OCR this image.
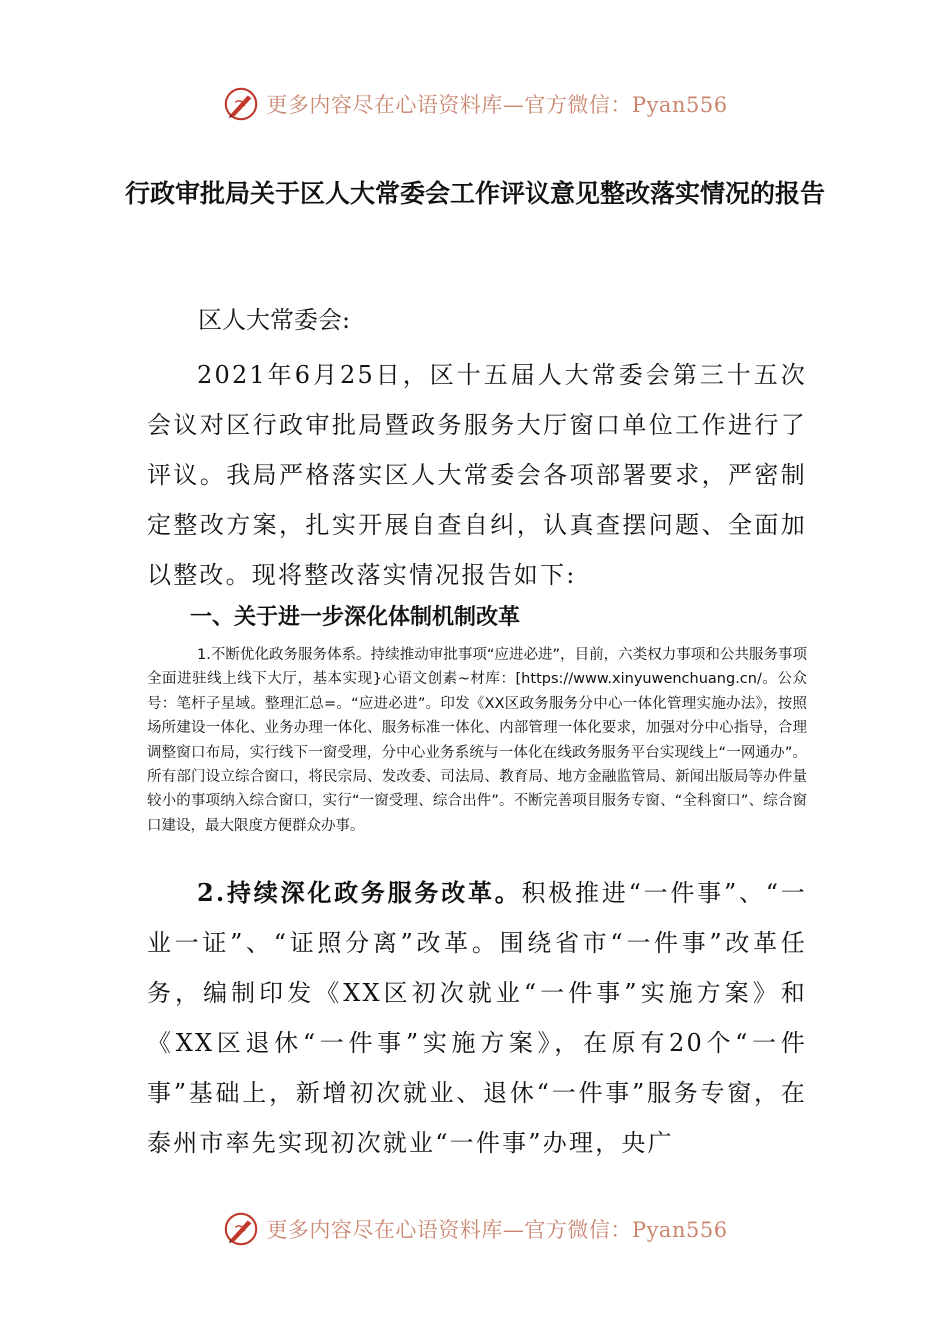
更多内容尽在心语资料库—官方微信：Pyan556
行政审批局关于区人大常委会工作评议意见整改落实情况的报告
区人大常委会:
2021年6月25日，区十五届人大常委会第三十五次会议对区行政审批局暨政务服务大厅窗口单位工作进行了评议。我局严格落实区人大常委会各项部署要求，严密制定整改方案，扎实开展自查自纠，认真查摆问题、全面加以整改。现将整改落实情况报告如下:
一、关于进一步深化体制机制改革
1.不断优化政务服务体系。持续推动审批事项“应进必进”，目前，六类权力事项和公共服务事项全面进驻线上线下大厅，基本实现}心语文创素~材库：[https://www.xinyuwenchuang.cn/。公众号：笔杆子星域。整理汇总=。“应进必进”。印发《XX区政务服务分中心一体化管理实施办法》，按照场所建设一体化、业务办理一体化、服务标准一体化、内部管理一体化要求，加强对分中心指导，合理调整窗口布局，实行线下一窗受理，分中心业务系统与一体化在线政务服务平台实现线上“一网通办”。所有部门设立综合窗口，将民宗局、发改委、司法局、教育局、地方金融监管局、新闻出版局等办件量较小的事项纳入综合窗口，实行“一窗受理、综合出件”。不断完善项目服务专窗、“全科窗口”、综合窗口建设，最大限度方便群众办事。
2.持续深化政务服务改革。积极推进“一件事”、“一业一证”、“证照分离”改革。围绕省市“一件事”改革任务，编制印发《XX区初次就业“一件事”实施方案》和《XX区退休“一件事”实施方案》，在原有20个“一件事”基础上，新增初次就业、退休“一件事”服务专窗，在泰州市率先实现初次就业“一件事”办理，央广
更多内容尽在心语资料库—官方微信：Pyan556
